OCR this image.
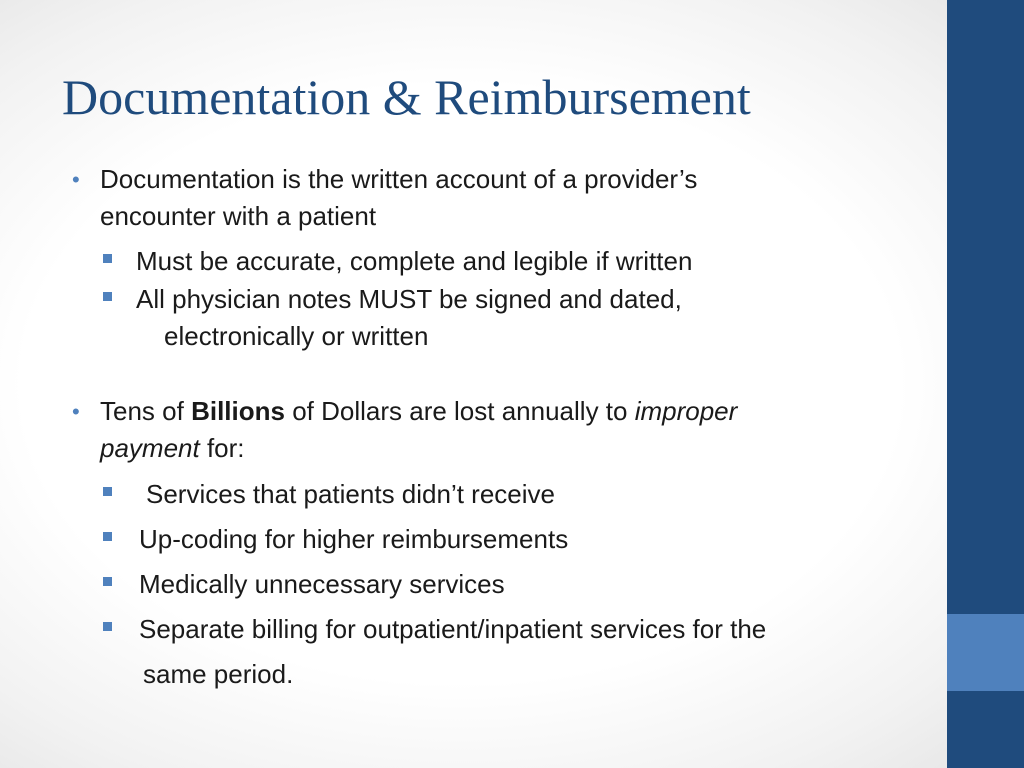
Documentation & Reimbursement
• Documentation is the written account of a provider’s

encounter with a patient

Must be accurate, complete and legible if written

All physician notes MUST be signed and dated,

electronically or written

• Tens of Billions of Dollars are lost annually to improper

payment for:

Services that patients didn’t receive

Up-coding for higher reimbursements

Medically unnecessary services

Separate billing for outpatient/inpatient services for the

same period.
